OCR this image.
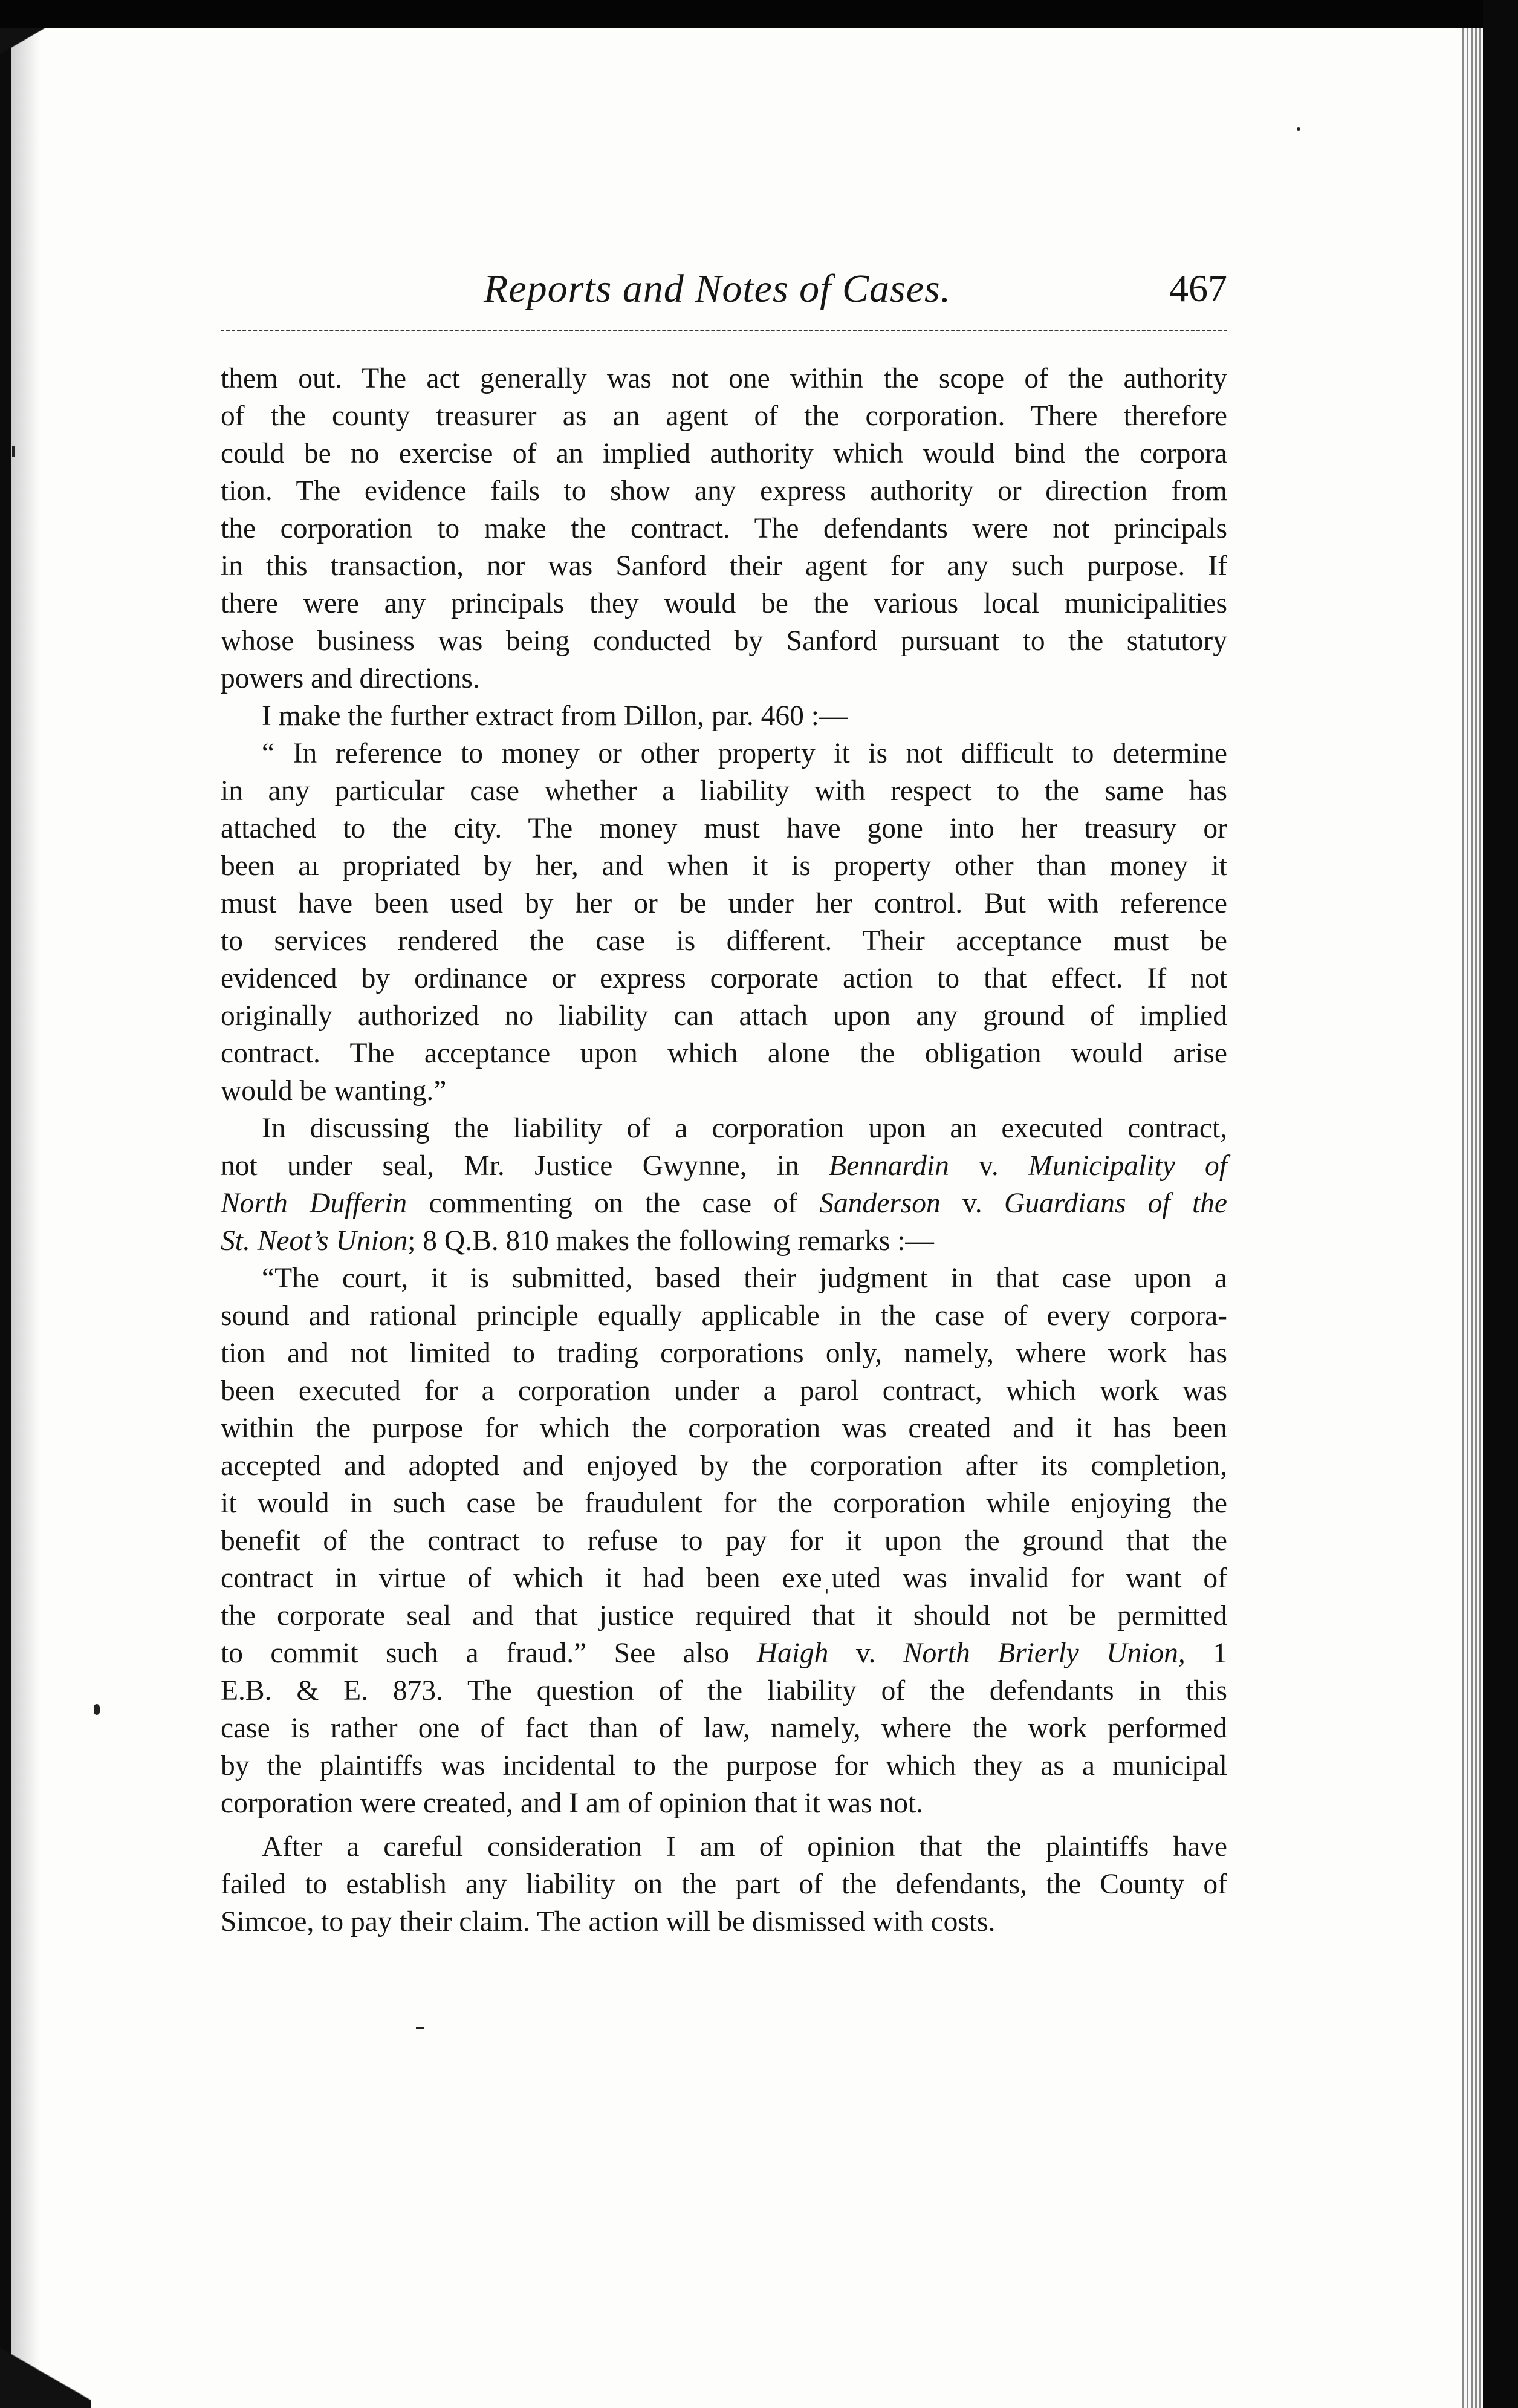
Reports and Notes of Cases.	467
them out. The act generally was not one within the scope of the authority
of the county treasurer as an agent of the corporation. There therefore
could be no exercise of an implied authority which would bind the corpora
tion. The evidence fails to show any express authority or direction from
the corporation to make the contract. The defendants were not principals
in this transaction, nor was Sanford their agent for any such purpose. If
there were any principals they would be the various local municipalities
whose business was being conducted by Sanford pursuant to the statutory
powers and directions.
I make the further extract from Dillon, par. 460 :—
“ In reference to money or other property it is not difficult to determine
in any particular case whether a liability with respect to the same has
attached to the city. The money must have gone into her treasury or
been aı propriated by her, and when it is property other than money it
must have been used by her or be under her control. But with reference
to services rendered the case is different. Their acceptance must be
evidenced by ordinance or express corporate action to that effect. If not
originally authorized no liability can attach upon any ground of implied
contract. The acceptance upon which alone the obligation would arise
would be wanting.”
In discussing the liability of a corporation upon an executed contract,
not under seal, Mr. Justice Gwynne, in Bennardin v. Municipality of
North Dufferin commenting on the case of Sanderson v. Guardians of the
St. Neot’s Union; 8 Q.B. 810 makes the following remarks :—
“The court, it is submitted, based their judgment in that case upon a
sound and rational principle equally applicable in the case of every corpora-
tion and not limited to trading corporations only, namely, where work has
been executed for a corporation under a parol contract, which work was
within the purpose for which the corporation was created and it has been
accepted and adopted and enjoyed by the corporation after its completion,
it would in such case be fraudulent for the corporation while enjoying the
benefit of the contract to refuse to pay for it upon the ground that the
contract in virtue of which it had been exeˌuted was invalid for want of
the corporate seal and that justice required that it should not be permitted
to commit such a fraud.” See also Haigh v. North Brierly Union, 1
E.B. & E. 873. The question of the liability of the defendants in this
case is rather one of fact than of law, namely, where the work performed
by the plaintiffs was incidental to the purpose for which they as a municipal
corporation were created, and I am of opinion that it was not.
After a careful consideration I am of opinion that the plaintiffs have
failed to establish any liability on the part of the defendants, the County of
Simcoe, to pay their claim. The action will be dismissed with costs.
